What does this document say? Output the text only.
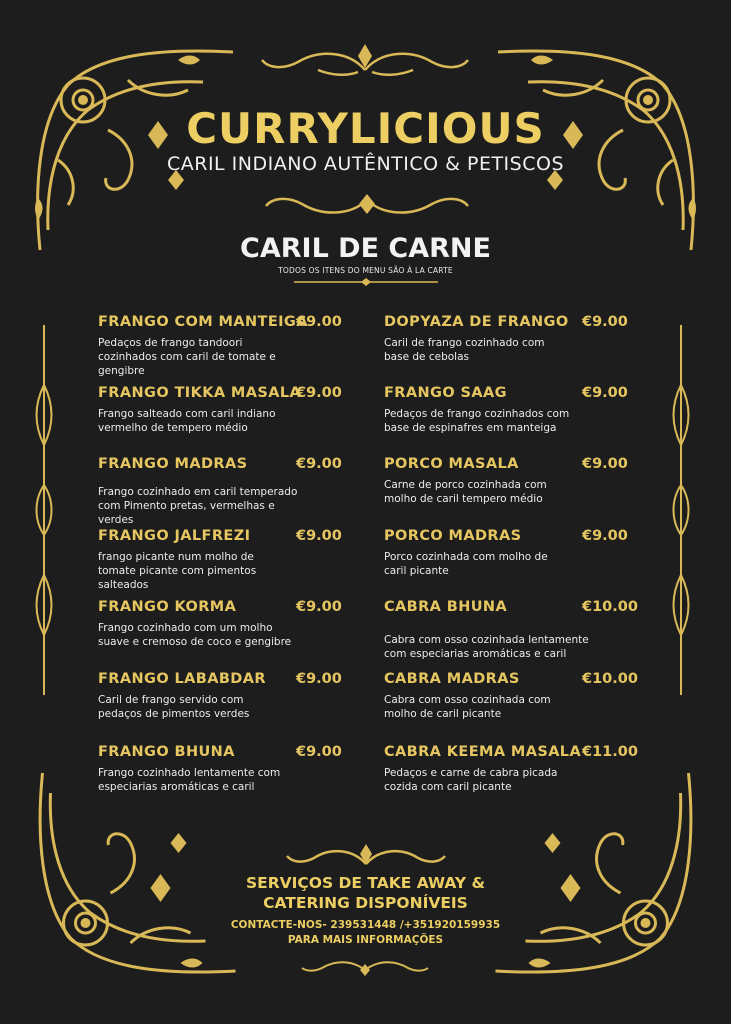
CURRYLICIOUS
CARIL INDIANO AUTÊNTICO & PETISCOS
CARIL DE CARNE
TODOS OS ITENS DO MENU SÃO À LA CARTE
FRANGO COM MANTEIGA
€9.00
Pedaços de frango tandoori cozinhados com caril de tomate e gengibre
FRANGO TIKKA MASALA
€9.00
Frango salteado com caril indiano vermelho de tempero médio
FRANGO MADRAS	€9.00
Frango cozinhado em caril temperado com Pimento pretas, vermelhas e verdes
FRANGO JALFREZI	€9.00
frango picante num molho de tomate picante com pimentos salteados
FRANGO KORMA	€9.00
Frango cozinhado com um molho suave e cremoso de coco e gengibre
FRANGO LABABDAR €9.00
Caril de frango servido com pedaços de pimentos verdes
FRANGO BHUNA	€9.00
Frango cozinhado lentamente com especiarias aromáticas e caril
DOPYAZA DE FRANGO €9.00
Caril de frango cozinhado com base de cebolas
FRANGO SAAG	€9.00
Pedaços de frango cozinhados com base de espinafres em manteiga
PORCO MASALA	€9.00
Carne de porco cozinhada com molho de caril tempero médio
PORCO MADRAS	€9.00
Porco cozinhada com molho de caril picante
CABRA BHUNA	€10.00
Cabra com osso cozinhada lentamente com especiarias aromáticas e caril
CABRA MADRAS	€10.00
Cabra com osso cozinhada com molho de caril picante
CABRA KEEMA MASALA €11.00
Pedaços e carne de cabra picada cozida com caril picante
SERVIÇOS DE TAKE AWAY &
CATERING DISPONÍVEIS
CONTACTE-NOS- 239531448 /+351920159935
PARA MAIS INFORMAÇÕES
